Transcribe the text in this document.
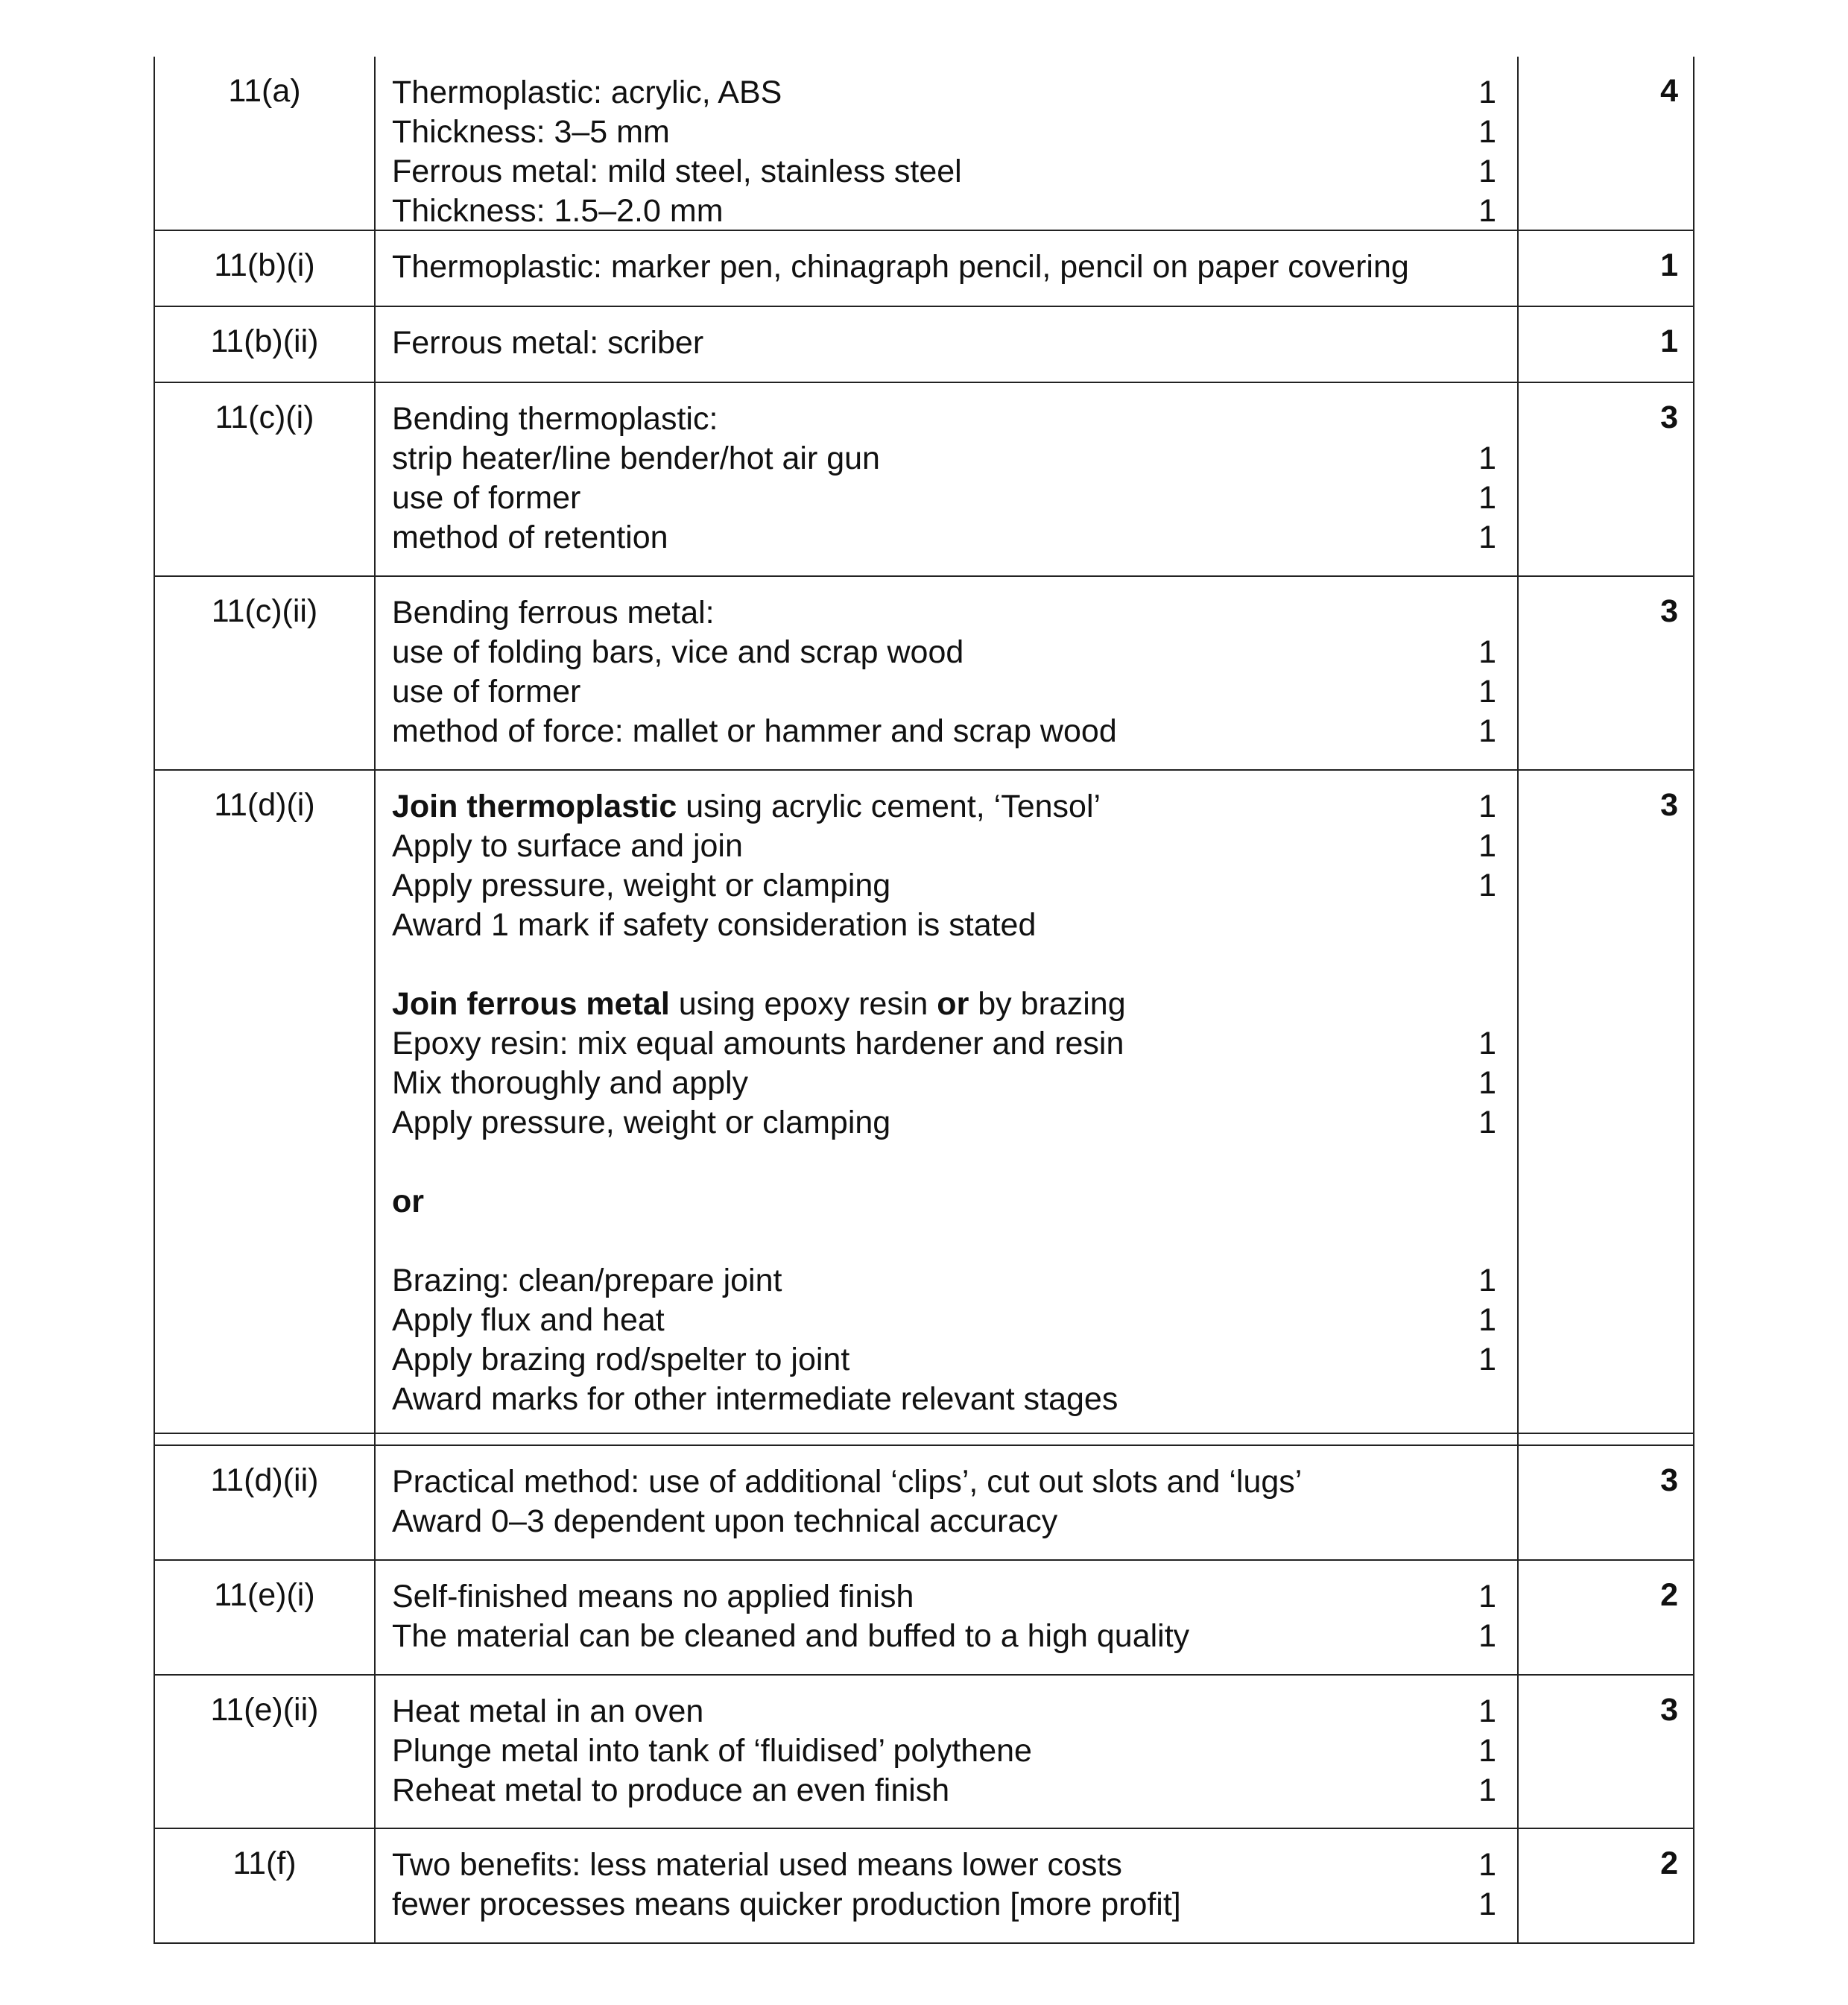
11(a)	Thermoplastic: acrylic, ABS	1
Thickness: 3–5 mm	1
Ferrous metal: mild steel, stainless steel	1
Thickness: 1.5–2.0 mm	1
4
11(b)(i)	Thermoplastic: marker pen, chinagraph pencil, pencil on paper covering	1
11(b)(ii)	Ferrous metal: scriber	1
11(c)(i)	Bending thermoplastic:
strip heater/line bender/hot air gun	1
use of former	1
method of retention	1
3
11(c)(ii)	Bending ferrous metal:
use of folding bars, vice and scrap wood	1
use of former	1
method of force: mallet or hammer and scrap wood	1
3
11(d)(i)	Join thermoplastic using acrylic cement, ‘Tensol’	1
Apply to surface and join	1
Apply pressure, weight or clamping	1
Award 1 mark if safety consideration is stated
Join ferrous metal using epoxy resin or by brazing
Epoxy resin: mix equal amounts hardener and resin	1
Mix thoroughly and apply	1
Apply pressure, weight or clamping	1
or
Brazing: clean/prepare joint	1
Apply flux and heat	1
Apply brazing rod/spelter to joint	1
Award marks for other intermediate relevant stages
3
11(d)(ii)	Practical method: use of additional ‘clips’, cut out slots and ‘lugs’
Award 0–3 dependent upon technical accuracy
3
11(e)(i)	Self-finished means no applied finish	1
The material can be cleaned and buffed to a high quality	1
2
11(e)(ii)	Heat metal in an oven	1
Plunge metal into tank of ‘fluidised’ polythene	1
Reheat metal to produce an even finish	1
3
11(f)	Two benefits: less material used means lower costs	1
fewer processes means quicker production [more profit]	1
2
